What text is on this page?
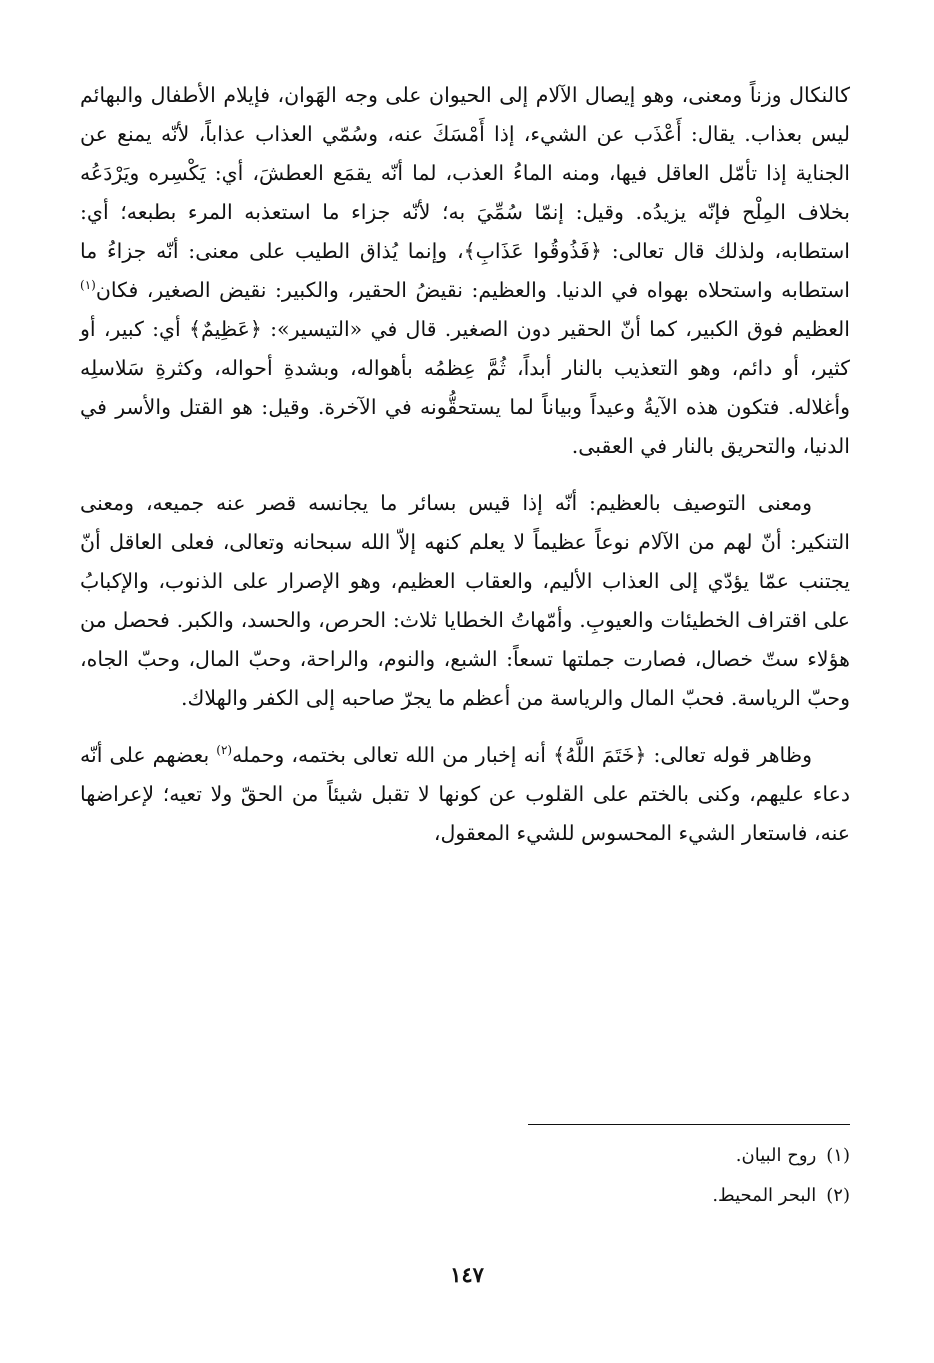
كالنكال وزناً ومعنى، وهو إيصال الآلام إلى الحيوان على وجه الهَوان، فإيلام الأطفال والبهائم ليس بعذاب. يقال: أَعْذَب عن الشيء، إذا أَمْسَكَ عنه، وسُمّي العذاب عذاباً، لأنّه يمنع عن الجناية إذا تأمّل العاقل فيها، ومنه الماءُ العذب، لما أنّه يقمَع العطشَ، أي: يَكْسِره ويَرْدَعُه بخلاف المِلْح فإنّه يزيدُه. وقيل: إنمّا سُمِّيَ به؛ لأنّه جزاء ما استعذبه المرء بطبعه؛ أي: استطابه، ولذلك قال تعالى: ﴿فَذُوقُوا عَذَابِ﴾، وإنما يُذاق الطيب على معنى: أنّه جزاءُ ما استطابه واستحلاه بهواه في الدنيا. والعظيم: نقيضُ الحقير، والكبير: نقيض الصغير، فكان$^{(١)}$ العظيم فوق الكبير، كما أنّ الحقير دون الصغير. قال في «التيسير»: ﴿عَظِيمٌ﴾ أي: كبير، أو كثير، أو دائم، وهو التعذيب بالنار أبداً، ثُمَّ عِظمُه بأهواله، وبشدةِ أحواله، وكثرةِ سَلاسلِه وأغلاله. فتكون هذه الآيةُ وعيداً وبياناً لما يستحقُّونه في الآخرة. وقيل: هو القتل والأسر في الدنيا، والتحريق بالنار في العقبى.

ومعنى التوصيف بالعظيم: أنّه إذا قيس بسائر ما يجانسه قصر عنه جميعه، ومعنى التنكير: أنّ لهم من الآلام نوعاً عظيماً لا يعلم كنهه إلاّ الله سبحانه وتعالى، فعلى العاقل أنّ يجتنب عمّا يؤدّي إلى العذاب الأليم، والعقاب العظيم، وهو الإصرار على الذنوب، والإكبابُ على اقتراف الخطيئات والعيوبِ. وأمّهاتُ الخطايا ثلاث: الحرص، والحسد، والكبر. فحصل من هؤلاء ستّ خصال، فصارت جملتها تسعاً: الشبع، والنوم، والراحة، وحبّ المال، وحبّ الجاه، وحبّ الرياسة. فحبّ المال والرياسة من أعظم ما يجرّ صاحبه إلى الكفر والهلاك.

وظاهر قوله تعالى: ﴿خَتَمَ اللَّهُ﴾ أنه إخبار من الله تعالى بختمه، وحمله$^{(٢)}$ بعضهم على أنّه دعاء عليهم، وكنى بالختم على القلوب عن كونها لا تقبل شيئاً من الحقّ ولا تعيه؛ لإعراضها عنه، فاستعار الشيء المحسوس للشيء المعقول،

(١)روح البيان.

(٢)البحر المحيط.

١٤٧
